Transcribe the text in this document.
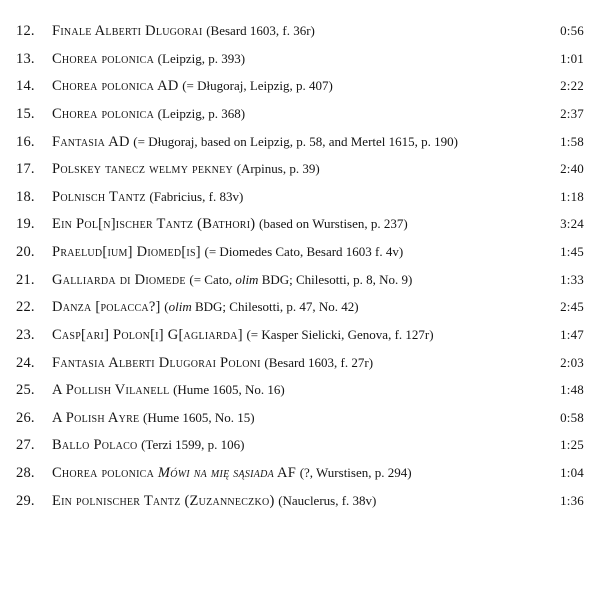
12.	Finale Alberti Dlugorai (Besard 1603, f. 36r)	0:56
13.	Chorea polonica (Leipzig, p. 393)	1:01
14.	Chorea polonica AD (= Długoraj, Leipzig, p. 407)	2:22
15.	Chorea polonica (Leipzig, p. 368)	2:37
16.	Fantasia AD (= Długoraj, based on Leipzig, p. 58, and Mertel 1615, p. 190)	1:58
17.	Polskey tanecz welmy pekney (Arpinus, p. 39)	2:40
18.	Polnisch Tantz (Fabricius, f. 83v)	1:18
19.	Ein Pol[n]ischer Tantz (Bathori) (based on Wurstisen, p. 237)	3:24
20.	Praelud[ium] Diomed[is] (= Diomedes Cato, Besard 1603 f. 4v)	1:45
21.	Galliarda di Diomede (= Cato, olim BDG; Chilesotti, p. 8, No. 9)	1:33
22.	Danza [polacca?] (olim BDG; Chilesotti, p. 47, No. 42)	2:45
23.	Casp[ari] Polon[i] G[agliarda] (= Kasper Sielicki, Genova, f. 127r)	1:47
24.	Fantasia Alberti Dlugorai Poloni (Besard 1603, f. 27r)	2:03
25.	A Pollish Vilanell (Hume 1605, No. 16)	1:48
26.	A Polish Ayre (Hume 1605, No. 15)	0:58
27.	Ballo Polaco (Terzi 1599, p. 106)	1:25
28.	Chorea polonica Mówi na mię sąsiada AF (?, Wurstisen, p. 294)	1:04
29.	Ein polnischer Tantz (Zuzanneczko) (Nauclerus, f. 38v)	1:36
